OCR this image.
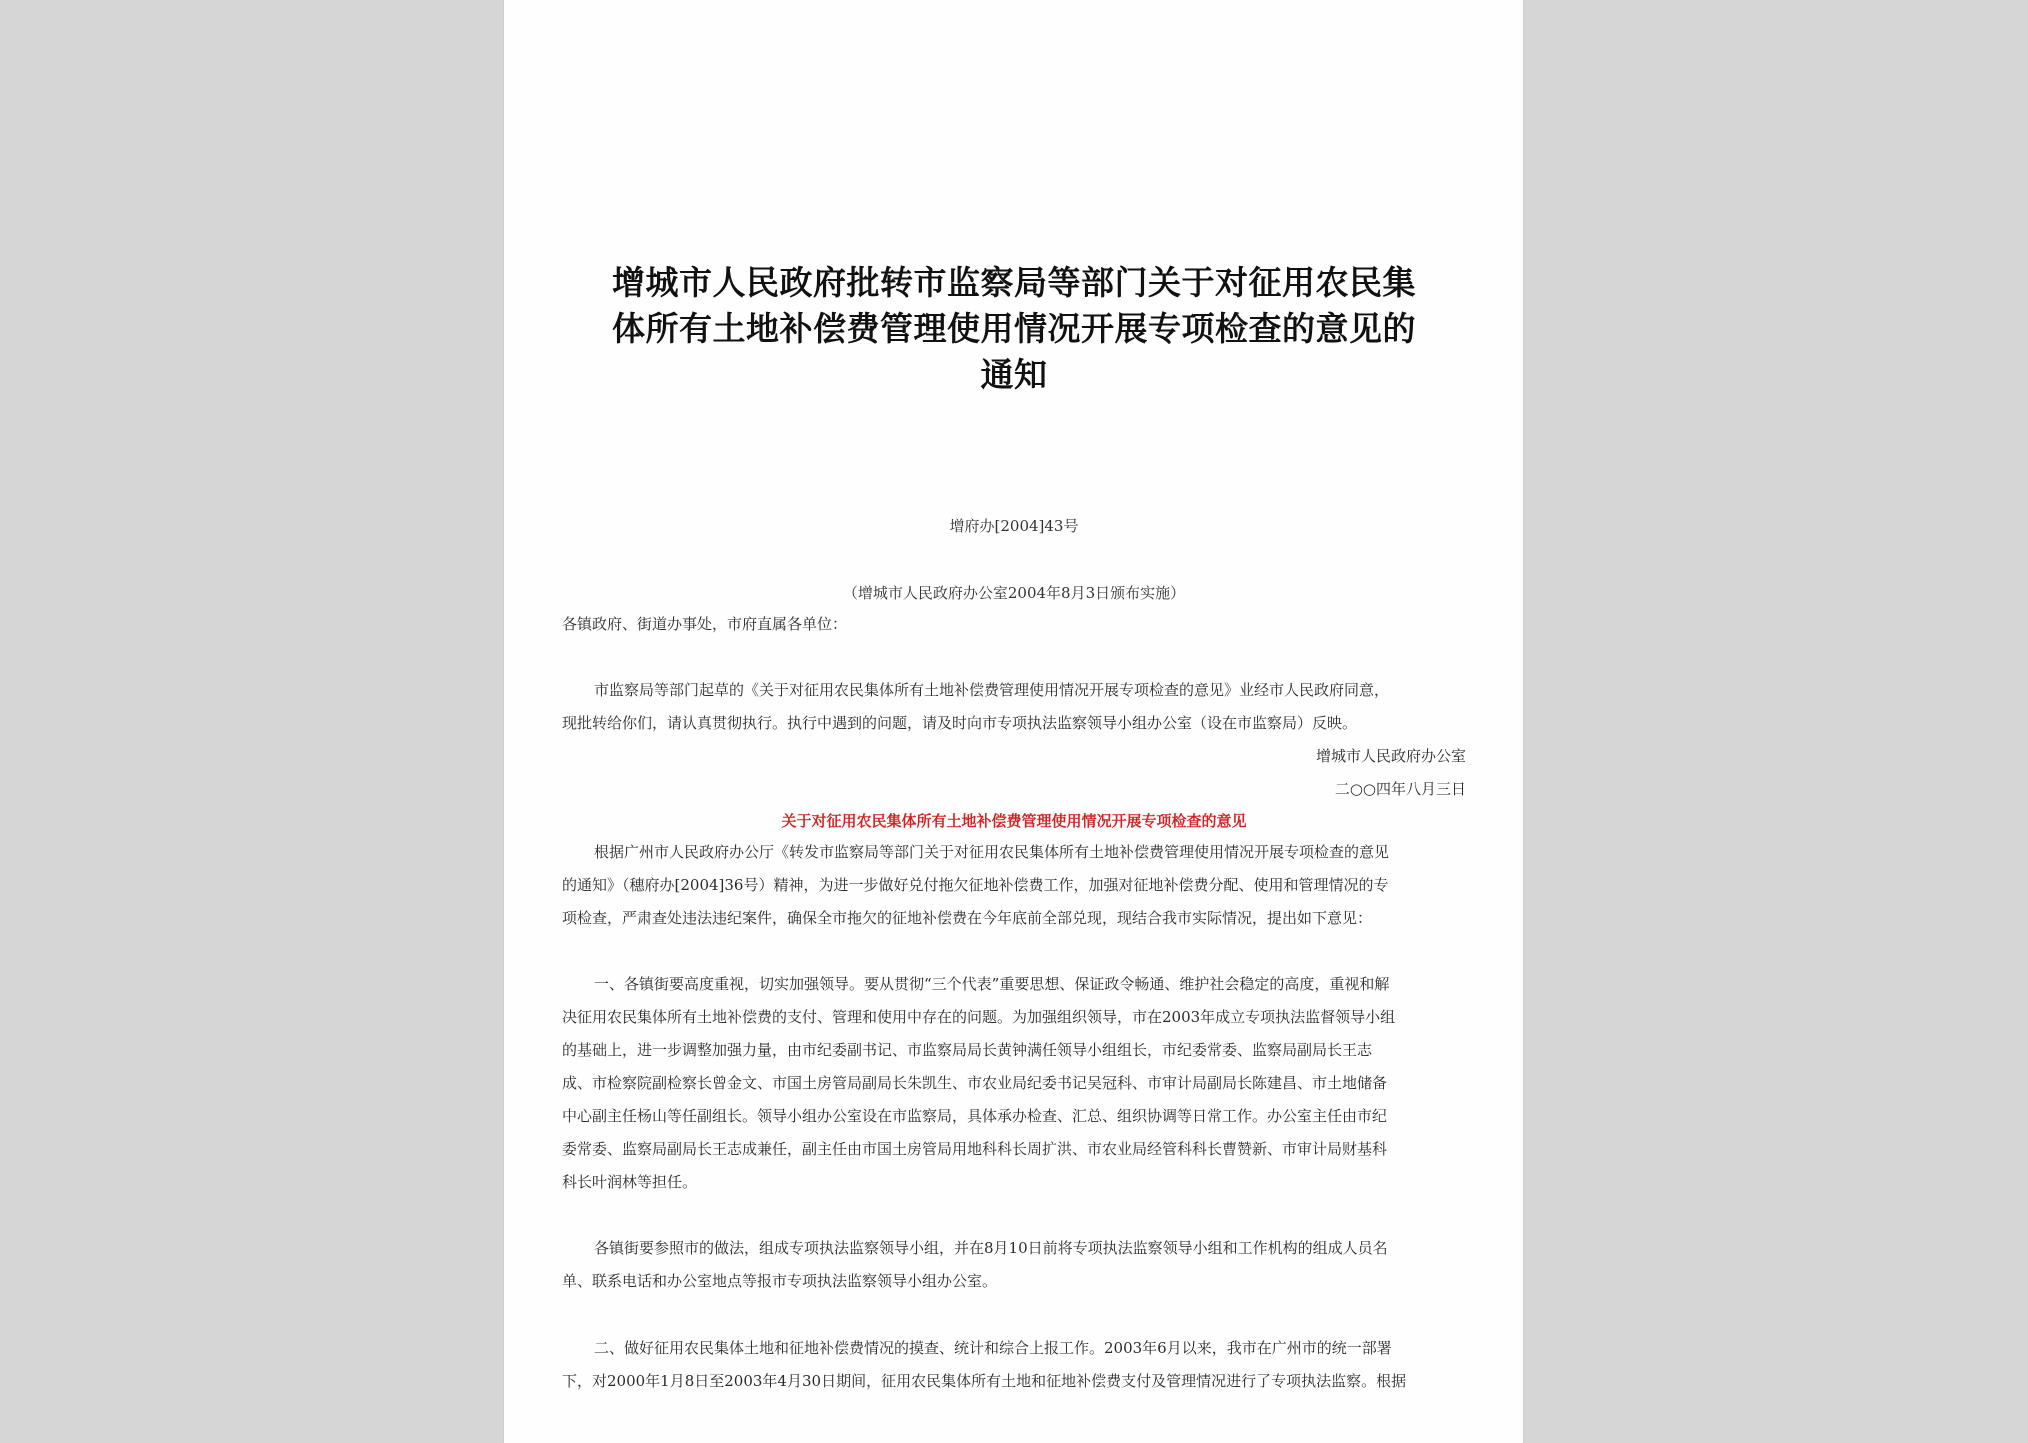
增城市人民政府批转市监察局等部门关于对征用农民集
体所有土地补偿费管理使用情况开展专项检查的意见的
通知
增府办[2004]43号
（增城市人民政府办公室2004年8月3日颁布实施）
各镇政府、街道办事处，市府直属各单位：
市监察局等部门起草的《关于对征用农民集体所有土地补偿费管理使用情况开展专项检查的意见》业经市人民政府同意，
现批转给你们，请认真贯彻执行。执行中遇到的问题，请及时向市专项执法监察领导小组办公室（设在市监察局）反映。
增城市人民政府办公室
二○○四年八月三日
关于对征用农民集体所有土地补偿费管理使用情况开展专项检查的意见
根据广州市人民政府办公厅《转发市监察局等部门关于对征用农民集体所有土地补偿费管理使用情况开展专项检查的意见
的通知》（穗府办[2004]36号）精神，为进一步做好兑付拖欠征地补偿费工作，加强对征地补偿费分配、使用和管理情况的专
项检查，严肃查处违法违纪案件，确保全市拖欠的征地补偿费在今年底前全部兑现，现结合我市实际情况，提出如下意见：
一、各镇街要高度重视，切实加强领导。要从贯彻“三个代表”重要思想、保证政令畅通、维护社会稳定的高度，重视和解
决征用农民集体所有土地补偿费的支付、管理和使用中存在的问题。为加强组织领导，市在2003年成立专项执法监督领导小组
的基础上，进一步调整加强力量，由市纪委副书记、市监察局局长黄钟满任领导小组组长，市纪委常委、监察局副局长王志
成、市检察院副检察长曾金文、市国土房管局副局长朱凯生、市农业局纪委书记吴冠科、市审计局副局长陈建昌、市土地储备
中心副主任杨山等任副组长。领导小组办公室设在市监察局，具体承办检查、汇总、组织协调等日常工作。办公室主任由市纪
委常委、监察局副局长王志成兼任，副主任由市国土房管局用地科科长周扩洪、市农业局经管科科长曹赞新、市审计局财基科
科长叶润林等担任。
各镇街要参照市的做法，组成专项执法监察领导小组，并在8月10日前将专项执法监察领导小组和工作机构的组成人员名
单、联系电话和办公室地点等报市专项执法监察领导小组办公室。
二、做好征用农民集体土地和征地补偿费情况的摸查、统计和综合上报工作。2003年6月以来，我市在广州市的统一部署
下，对2000年1月8日至2003年4月30日期间，征用农民集体所有土地和征地补偿费支付及管理情况进行了专项执法监察。根据
